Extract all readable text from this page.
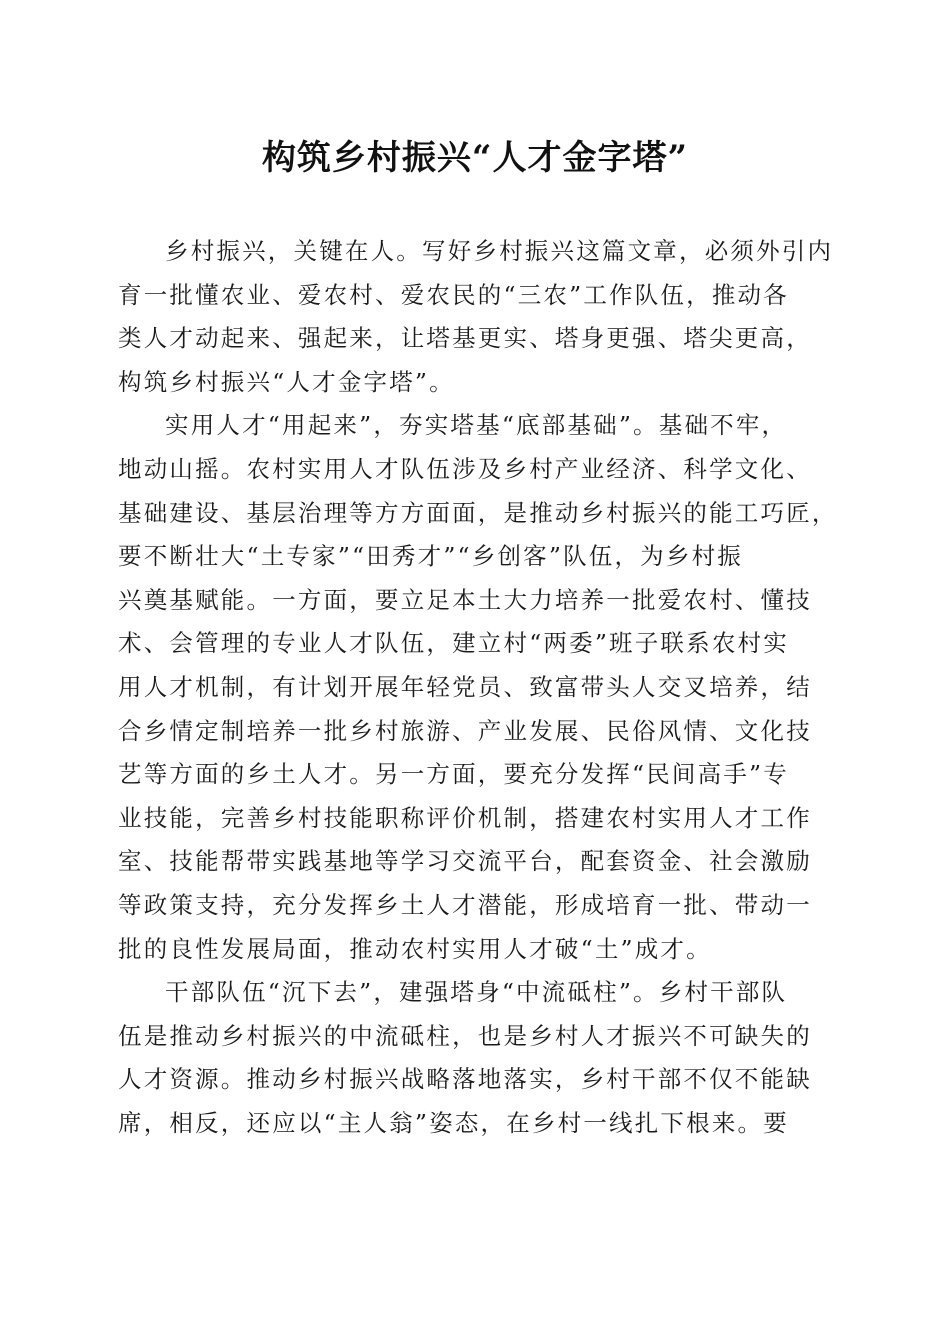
构筑乡村振兴“人才金字塔”

乡村振兴，关键在人。写好乡村振兴这篇文章，必须外引内
育一批懂农业、爱农村、爱农民的“三农”工作队伍，推动各
类人才动起来、强起来，让塔基更实、塔身更强、塔尖更高，
构筑乡村振兴“人才金字塔”。

实用人才“用起来”，夯实塔基“底部基础”。基础不牢，
地动山摇。农村实用人才队伍涉及乡村产业经济、科学文化、
基础建设、基层治理等方方面面，是推动乡村振兴的能工巧匠，
要不断壮大“土专家”“田秀才”“乡创客”队伍，为乡村振
兴奠基赋能。一方面，要立足本土大力培养一批爱农村、懂技
术、会管理的专业人才队伍，建立村“两委”班子联系农村实
用人才机制，有计划开展年轻党员、致富带头人交叉培养，结
合乡情定制培养一批乡村旅游、产业发展、民俗风情、文化技
艺等方面的乡土人才。另一方面，要充分发挥“民间高手”专
业技能，完善乡村技能职称评价机制，搭建农村实用人才工作
室、技能帮带实践基地等学习交流平台，配套资金、社会激励
等政策支持，充分发挥乡土人才潜能，形成培育一批、带动一
批的良性发展局面，推动农村实用人才破“土”成才。

干部队伍“沉下去”，建强塔身“中流砥柱”。乡村干部队
伍是推动乡村振兴的中流砥柱，也是乡村人才振兴不可缺失的
人才资源。推动乡村振兴战略落地落实，乡村干部不仅不能缺
席，相反，还应以“主人翁”姿态，在乡村一线扎下根来。要
